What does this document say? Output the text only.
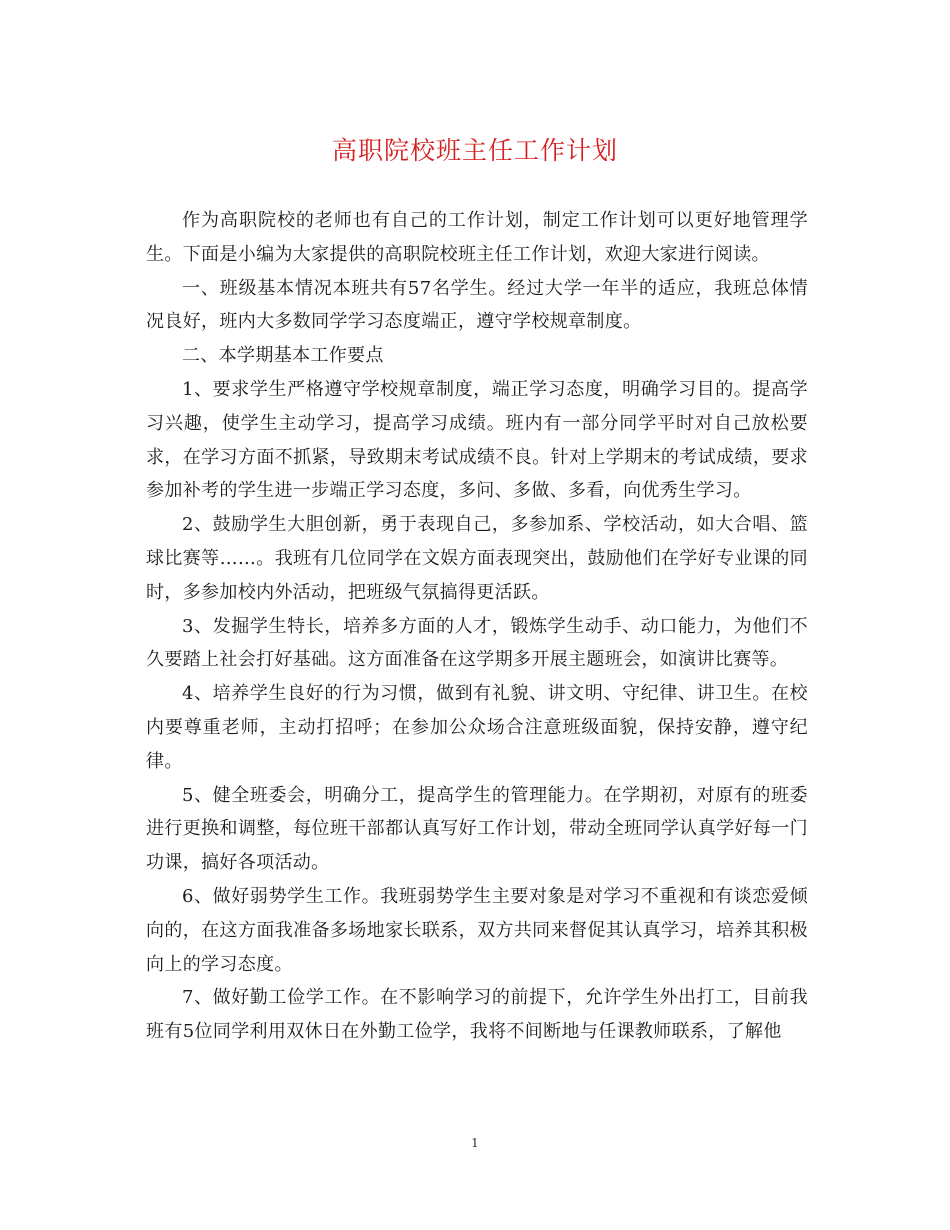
高职院校班主任工作计划

作为高职院校的老师也有自己的工作计划，制定工作计划可以更好地管理学生。下面是小编为大家提供的高职院校班主任工作计划，欢迎大家进行阅读。

一、班级基本情况本班共有57名学生。经过大学一年半的适应，我班总体情况良好，班内大多数同学学习态度端正，遵守学校规章制度。

二、本学期基本工作要点

1、要求学生严格遵守学校规章制度，端正学习态度，明确学习目的。提高学习兴趣，使学生主动学习，提高学习成绩。班内有一部分同学平时对自己放松要求，在学习方面不抓紧，导致期末考试成绩不良。针对上学期末的考试成绩，要求参加补考的学生进一步端正学习态度，多问、多做、多看，向优秀生学习。

2、鼓励学生大胆创新，勇于表现自己，多参加系、学校活动，如大合唱、篮球比赛等……。我班有几位同学在文娱方面表现突出，鼓励他们在学好专业课的同时，多参加校内外活动，把班级气氛搞得更活跃。

3、发掘学生特长，培养多方面的人才，锻炼学生动手、动口能力，为他们不久要踏上社会打好基础。这方面准备在这学期多开展主题班会，如演讲比赛等。

4、培养学生良好的行为习惯，做到有礼貌、讲文明、守纪律、讲卫生。在校内要尊重老师，主动打招呼；在参加公众场合注意班级面貌，保持安静，遵守纪律。

5、健全班委会，明确分工，提高学生的管理能力。在学期初，对原有的班委进行更换和调整，每位班干部都认真写好工作计划，带动全班同学认真学好每一门功课，搞好各项活动。

6、做好弱势学生工作。我班弱势学生主要对象是对学习不重视和有谈恋爱倾向的，在这方面我准备多场地家长联系，双方共同来督促其认真学习，培养其积极向上的学习态度。

7、做好勤工俭学工作。在不影响学习的前提下，允许学生外出打工，目前我班有5位同学利用双休日在外勤工俭学，我将不间断地与任课教师联系，了解他

1
